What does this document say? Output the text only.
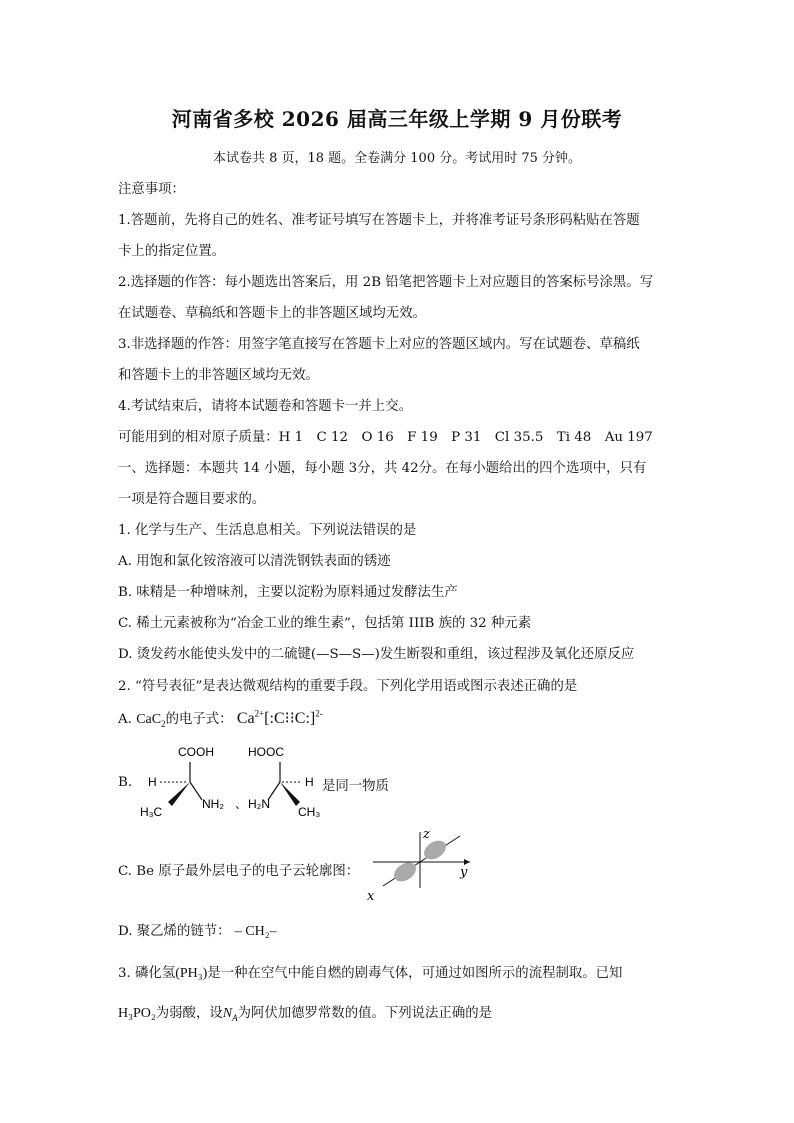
河南省多校 2026 届高三年级上学期 9 月份联考
本试卷共 8 页，18 题。全卷满分 100 分。考试用时 75 分钟。
注意事项：
1.答题前，先将自己的姓名、准考证号填写在答题卡上，并将准考证号条形码粘贴在答题
卡上的指定位置。
2.选择题的作答：每小题选出答案后，用 2B 铅笔把答题卡上对应题目的答案标号涂黑。写
在试题卷、草稿纸和答题卡上的非答题区域均无效。
3.非选择题的作答：用签字笔直接写在答题卡上对应的答题区域内。写在试题卷、草稿纸
和答题卡上的非答题区域均无效。
4.考试结束后，请将本试题卷和答题卡一并上交。
可能用到的相对原子质量：H 1　C 12　O 16　F 19　P 31　Cl 35.5　Ti 48　Au 197
一、选择题：本题共 14 小题，每小题 3分，共 42分。在每小题给出的四个选项中，只有
一项是符合题目要求的。
1. 化学与生产、生活息息相关。下列说法错误的是
A. 用饱和氯化铵溶液可以清洗钢铁表面的锈迹
B. 味精是一种增味剂，主要以淀粉为原料通过发酵法生产
C. 稀土元素被称为“冶金工业的维生素”，包括第 IIIB 族的 32 种元素
D. 烫发药水能使头发中的二硫键(—S—S—)发生断裂和重组，该过程涉及氧化还原反应
2. “符号表征”是表达微观结构的重要手段。下列化学用语或图示表述正确的是
A. CaC$_2$的电子式： $Ca^{2+}[:C⁝⁝C:]^{2-}$
B.
COOH
H
H₃C
NH₂ 、
HOOC
H
H₂N
CH₃
是同一物质
C. Be 原子最外层电子的电子云轮廓图：
z
y
x
D. 聚乙烯的链节： – CH₂–
3. 磷化氢(PH₃)是一种在空气中能自燃的剧毒气体，可通过如图所示的流程制取。已知
H₃PO₂为弱酸，设$N_A$为阿伏加德罗常数的值。下列说法正确的是
